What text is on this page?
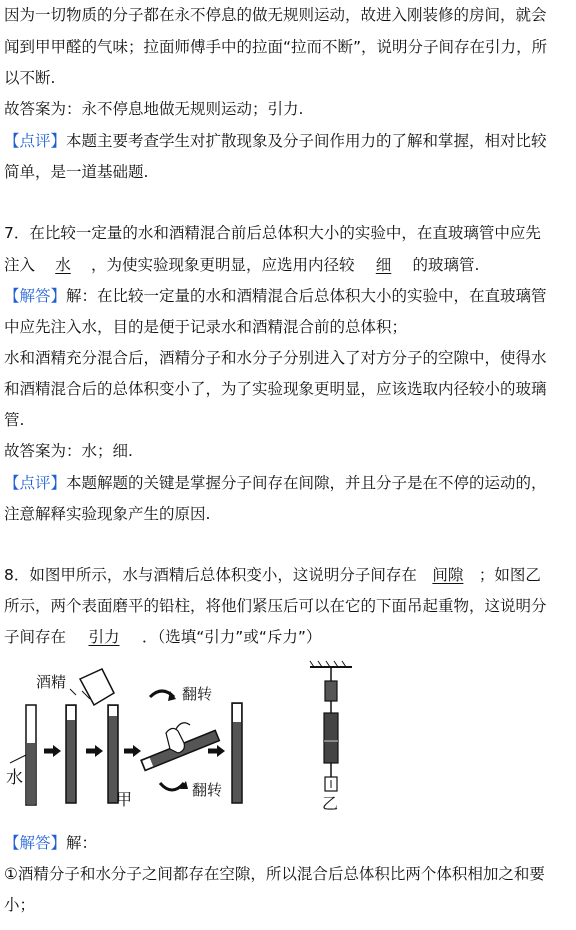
因为一切物质的分子都在永不停息的做无规则运动，故进入刚装修的房间，就会
闻到甲甲醛的气味；拉面师傅手中的拉面“拉而不断”，说明分子间存在引力，所
以不断.
故答案为：永不停息地做无规则运动；引力.
【点评】本题主要考查学生对扩散现象及分子间作用力的了解和掌握，相对比较
简单，是一道基础题.
7．在比较一定量的水和酒精混合前后总体积大小的实验中，在直玻璃管中应先
注入 水 ，为使实验现象更明显，应选用内径较 细 的玻璃管.
【解答】解：在比较一定量的水和酒精混合后总体积大小的实验中，在直玻璃管
中应先注入水，目的是便于记录水和酒精混合前的总体积；
水和酒精充分混合后，酒精分子和水分子分别进入了对方分子的空隙中，使得水
和酒精混合后的总体积变小了，为了实验现象更明显，应该选取内径较小的玻璃
管.
故答案为：水；细.
【点评】本题解题的关键是掌握分子间存在间隙，并且分子是在不停的运动的，
注意解释实验现象产生的原因.
8．如图甲所示，水与酒精后总体积变小，这说明分子间存在 间隙 ；如图乙
所示，两个表面磨平的铅柱，将他们紧压后可以在它的下面吊起重物，这说明分
子间存在 引力 ．（选填“引力”或“斥力”）
水
酒精
甲
翻转
翻转
乙
【解答】解：
①酒精分子和水分子之间都存在空隙，所以混合后总体积比两个体积相加之和要
小；
